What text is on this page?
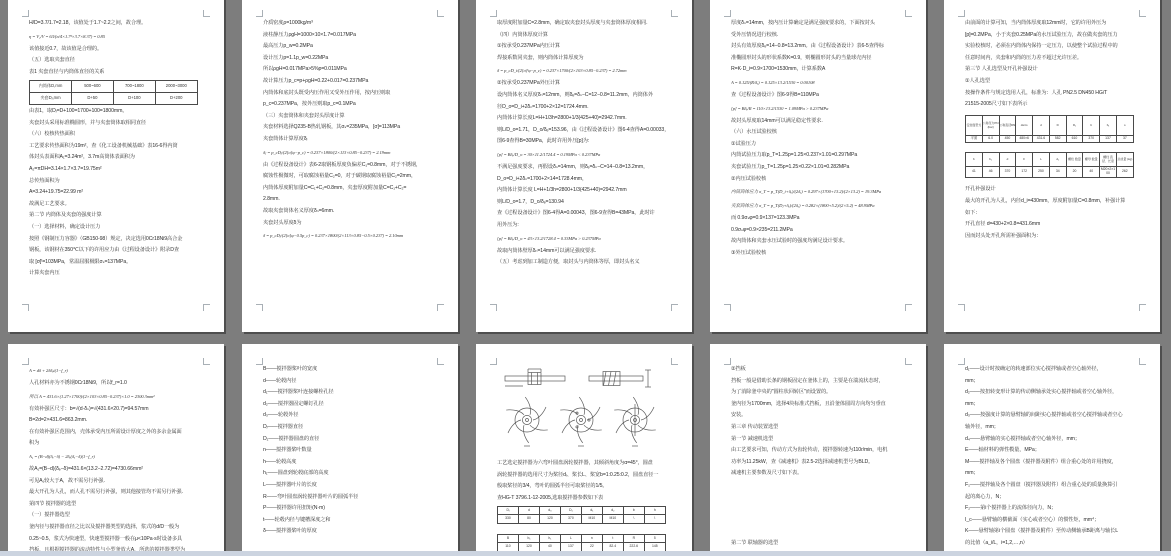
H/D=3.7/1.7=2.18，该值处于1.7~2.2之间，故合理。
η = V₁/V = 63/(π/4×1.7²×3.7×8.37) = 0.85
该值接近0.7，故该值是合理的。
（五）选取夹套直径
表1 夹套直径与内筒体直径的关系
内筒体D,mm	500~600	700~1800	2000~3000
夹套Dⱼ,mm	D+50	D+100	D+200
由表1，取Dⱼ=D+100=1700+100=1800mm。
夹套封头采用标准椭圆形，并与夹套筒体取相同直径
（六）校核传热面积
工艺要求传热面积为19m²，查《化工设备机械基础》表16-6得内筒
体封头表面积A₁=3.24m²，3.7m高筒体表面积为
A₂=πDH=3.14×1.7×3.7=19.75m²
总传热面积为
A=3.24+19.75=22.99 m²
故满足工艺要求。
第二节 内筒体及夹套的强度计算
（一）选择材料，确定设计压力
按照《钢制压力容器》（GB150-98）规定，决定选用0Cr18Ni9高合金
钢板，该钢材在350℃以下的许用应力由《过程设备设计》附录D查
取 [σ]ᵗ=103MPa，常温屈服极限σₛ=137MPa。
计算夹套内压
介质密度ρ=1000kg/m³
液柱静压力ρgH=1000×10×1.7=0.017MPa
最高压力p_w=0.2MPa
设计压力p=1.1p_w=0.22MPa
所以ρgH=0.017MPa>5%p=0.011MPa
故计算压力p_c=p+ρgH=0.22+0.017=0.237MPa
内筒体和底封头既受内压作用又受外压作用，按内压则取
p_c=0.237MPa，按外压则取p_c=0.1MPa
（三）夹套筒体和夹套封头厚度计算
夹套材料选择Q235-B热轧钢板，其σₛ=235MPa，[σ]=113MPa
夹套筒体计算厚度δⱼ
δⱼ = p_cDⱼ/(2[σ]φ−p_c) = 0.237×1800/(2×113×0.85−0.237) = 2.19mm
由《过程设备设计》表6-2取钢板厚度负偏差C₁=0.8mm，对于不锈钢，
腐蚀性极微时，可取腐蚀裕量C₂=0，对于碳钢取腐蚀裕量C₂=2mm，
内筒体厚度附加量C=C₁+C₂=0.8mm，夹套厚度附加量C=C₁+C₂=
2.8mm.
故取夹套筒体名义厚度δₙ=6mm.
夹套封头厚度δ为
δ = p_cDⱼ/(2[σ]φ−0.5p_c) = 0.237×1800/(2×113×0.85−0.5×0.237) = 2.10mm
取厚度附加量C=2.8mm，确定取夹套封头厚度与夹套筒体厚度相同.
（四）内筒体厚度计算
①按承受0.237MPa内压计算
焊接系数同夹套，则内筒体计算厚度为
δ = p_cD_i/(2[σ]ᵗφ−p_c) = 0.237×1700/(2×103×0.85−0.237) = 2.72mm
②按承受0.237MPa外压计算
设内筒体名义厚度δₙ=12mm，则δₑ=δₙ−C=12−0.8=11.2mm，内筒体外
径D_o=D_i+2δₙ=1700+2×12=1724.4mm.
内筒体计算长度L=H+1/3h=2800+1/3(425+40)=2942.7mm.
则L/D_o=1.71，D_o/δₑ=153.96，由《过程设备设计》图6-4查得A=0.00033，
图6-9查得B=30MPa，此时许用外压[p]为:
[p] = Bδₑ/D_o = 30×11.2/1724.4 = 0.19MPa < 0.237MPa
不满足强度要求，再假设δₙ=14mm，则δₑ=δₙ−C=14−0.8=13.2mm，
D_o=D_i+2δₙ=1700+2×14=1728.4mm，
内筒体计算长度 L=H+1/3h=2800+1/3(425+40)=2942.7mm
则L/D_o=1.7，D_o/δₑ=130.94
查《过程设备设计》图6-4得A=0.00043，图6-9查得B=43MPa，此时许
用外压为:
[p] = Bδₑ/D_o = 43×13.2/1728.4 = 0.33MPa > 0.237MPa
故取内筒体壁厚δₙ=14mm可以满足强度要求.
（五）考虑到加工制造方便，取封头与内筒体等厚，即封头名义
厚度δₙ=14mm，按内压计算确定是满足强度要求的，下面按封头
受外压情况进行校核.
封头有效厚度δₑ=14−0.8=13.2mm。由《过程设备设计》表6-5查得标
准椭圆形封头的形状系数K=0.9，则椭圆形封头的当量球壳内径
R=K·D_i=0.9×1700=1530mm，计算系数A
A = 0.125/(R/δₑ) = 0.125×13.2/1530 = 0.00108
查《过程设备设计》图6-9得B=110MPa
[p] = Bδₑ/R = 110×13.2/1530 = 1.09MPa > 0.237MPa
故封头厚度取14mm可以满足稳定性要求.
（六）水压试验校核
①试验压力
内筒试验压力取p_T=1.25p=1.25×0.237×1.01=0.297MPa
夹套试验压力p_T=1.25p=1.25×0.22×1.01=0.282MPa
②内压试验校核
内筒筒体应力 σ_T = p_T(D_i+δₑ)/(2δₑ) = 0.297×(1700+13.2)/(2×13.2) = 19.3MPa
夹套筒体应力 σ_T = p_T(Dⱼ+δₑ)/(2δₑ) = 0.282×(1800+5.2)/(2×5.2) = 48.9MPa
而 0.9σₛφ=0.9×137=123.3MPa
0.9σₛφ=0.9×235=211.2MPa
故内筒体和夹套水压试验时的强度均满足设计要求。
③外压试验校核
由前面的计算可知，当内筒体厚度取12mm时，它的许用外压为
[p]=0.2MPa，小于夹套0.25MPa的水压试验压力，故在做夹套的压力
实验校核时，必须在内筒体内保持一定压力，以使整个试验过程中的
任意时间内，夹套和内筒的压力差不超过允许压差。
第三节 人孔选型及开孔补强设计
①人孔选型
按操作条件与规定选用人孔，标准为：人孔 PN2.5 DN450 HG/T
21515-2005尺寸如下表所示
密封面型式	公称压力PN (bar)	公称直径DN	dw×s	d	D	D₁	b	b₁	s
平面	6.0	450	480×6	431.6	582	610	370	137	37
b	b₁	d	F	L	d₁	螺柱 数量	螺母 数量	螺柱 直径、长度	总质量 (kg)
41	46	370	172	250	34	20	40	M20×2×100	262
开孔补强设计
最大的开孔为人孔，内径d_i=430mm，厚度附加量C=0.8mm，补强计算
如下：
开孔直径 d=430+2×0.8=431.6mm
因而封头处开孔所需补强面积为：
A = dδ + 2δδₑt(1−f_r)
人孔材料亦为不锈钢0Cr18Ni9，所以f_r=1.0
所以 A = 431.6×(1.27×1700)/(2×103×0.85−0.237)×1.0 = 2300.3mm²
有效补强区尺寸：b=√(d·δₙ)=√(431.6×20.7)=94.57mm
B=2d=2×431.6=863.2mm.
在有效补强区范围内，壳体承受内压所需设计厚度之外的多余金属面
积为
A₁ = (B−d)(δₑ−δ) − 2δₑ(δₑ−δ)(1−f_r)
故A₁=(B−d)(δₑ−δ)=431.6×(13.2−2.72)=4730.66mm²
可见A₁较大于A，故不需另行补强.
最大开孔为人孔，而人孔不需另行补强，则其他接管均不需另行补强.
第四节 搅拌器的选型
（一）搅拌器选型
釜内径与搅拌器直径之比以及搅拌器类型的选择，浆式的d/D一般为
0.25~0.5，浆式为快速型，快速型搅拌器一般在μ<10Pa·s时设备多具
B——搅拌器桨叶的宽度
d——轮毂内径
d₁——搅拌器桨叶连接螺栓孔径
d₂——搅拌器固定螺钉孔径
d₃——轮毂外径
Dⱼ——搅拌器直径
D₁——搅拌器圆盘的直径
n——搅拌器桨叶数量
h——轮毂高度
h₁——圆盘到轮毂底部的高度
L——搅拌器叶片的长度
R——弯叶圆盘涡轮搅拌器叶片的圆弧半径
P——搅拌器许用扭矩(N·m)
t——轮毂内径与键槽深度之和
δ——搅拌器桨叶的厚度
工艺选定搅拌器为六弯叶圆盘涡轮搅拌器，其倾斜角度为α=45°，圆盘
涡轮搅拌器的选用尺寸为桨径dⱼ、桨长L、桨宽b=1:0.25:0.2，圆盘直径一
般取桨径的3/4，弯叶的圆弧半径可取桨径的1/5。
查HG-T 3796.1-12-2005,选取搅拌器参数如下表
Dⱼ	d	d₃	D₁	d₁	d₂	b	h
330	80	120	370	M10	M10	\	\
B	b₁	h₁	L	n	t	R	δ
110	120	40	137	22	82.4	222.6	145
②挡板
挡板一般是借助长条的钢板固定在釜体上的，主要是在湍流状态时，
为了消除釜中央的"圆柱状回转区"而设置的。
釜内径为1700mm，选择4块标准式挡板，且沿釜体圆周方向均匀垂直
安装。
第三章 传动装置选型
第一节 减速机选型
由工艺要求可知，传动方式为齿轮传动，搅拌器转速为110r/min，电机
功率为11.25kW，查《减速机》表2.5-2选择减速机型号为BLD。
减速机主要参数及尺寸如下表。
第二节 联轴器的选型
d₁——设计时按确定的转速部位实心搅拌轴或者空心轴外径，
mm；
d₂——按扭转变形计算的传动侧轴承处实心搅拌轴或者空心轴外径，
mm；
d₃——按强度计算的悬臂轴的间距实心搅拌轴或者空心搅拌轴或者空心
轴外径，mm；
d₄——悬臂轴的实心搅拌轴或者空心轴外径，mm；
E——轴材料的弹性模量，MPa；
M——搅拌轴及各个圆盘（搅拌器及附件）组合重心处的许用挠度，
mm；
F₁——搅拌轴及各个圆盘（搅拌器及附件）组合重心处的质量换算引
起的离心力，N；
F₂——第i个搅拌器上的流体径向力，N；
I_c——悬臂轴的横截面（实心或者空心）的惯性矩，mm⁴；
K——悬臂轴第i个圆盘（搅拌器及附件）至传动侧轴承B距离与轴长L
的比值（a_i/L，i=1,2,…,n）
